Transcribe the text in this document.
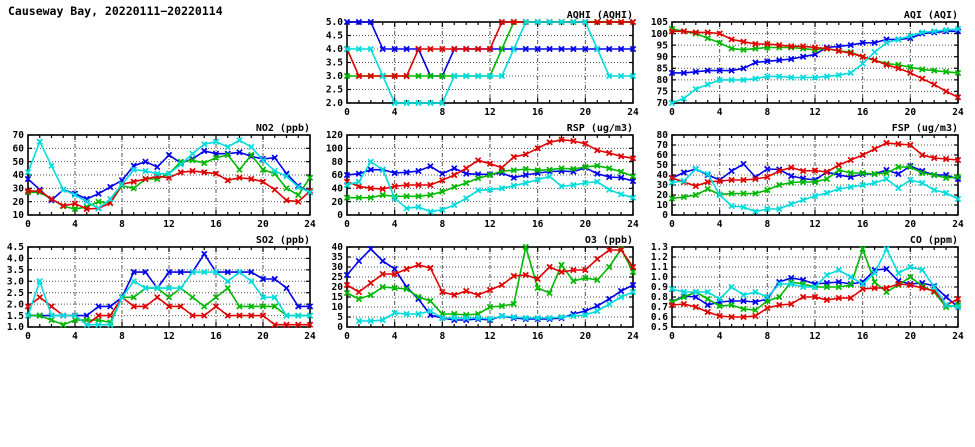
Causeway Bay, 20220111−20220114
2.0
2.5
3.0
3.5
4.0
4.5
5.0
0	4	8	12	16	20	24
AQHI (AQHI)
70
75
80
85
90
95
100
105
0	4	8	12	16	20	24
AQI (AQI)
10
20
30
40
50
60
70
0	4	8	12	16	20	24
NO2 (ppb)
0
20
40
60
80
100
120
0	4	8	12	16	20	24
RSP (ug/m3)
0
10
20
30
40
50
60
70
80
0	4	8	12	16	20	24
FSP (ug/m3)
1.0
1.5
2.0
2.5
3.0
3.5
4.0
4.5
0	4	8	12	16	20	24
SO2 (ppb)
0
5
10
15
20
25
30
35
40
0	4	8	12	16	20	24
O3 (ppb)
0.5
0.6
0.7
0.8
0.9
1.0
1.1
1.2
1.3
0	4	8	12	16	20	24
CO (ppm)
